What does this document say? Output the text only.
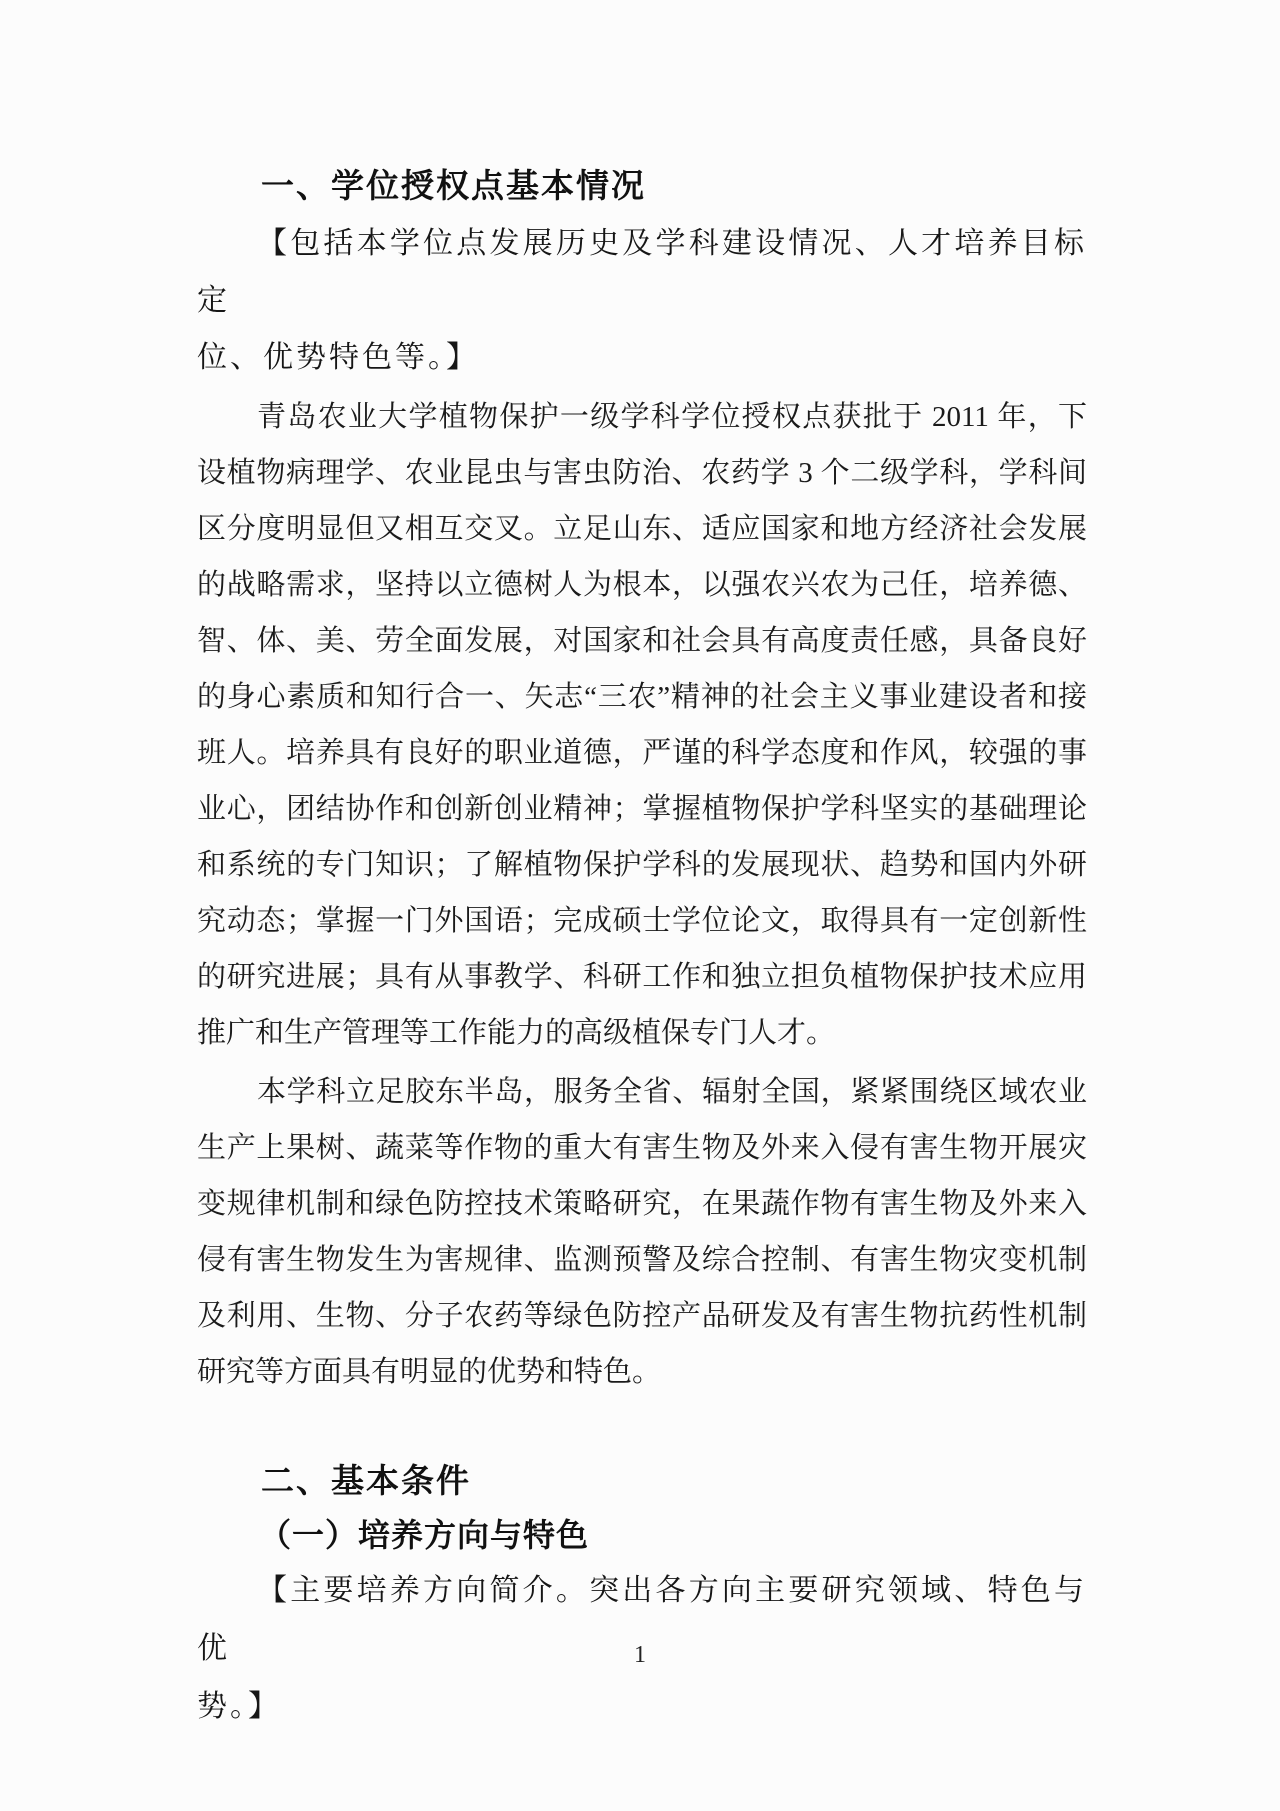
一、学位授权点基本情况
【包括本学位点发展历史及学科建设情况、人才培养目标定
位、优势特色等。】
青岛农业大学植物保护一级学科学位授权点获批于 2011 年，下
设植物病理学、农业昆虫与害虫防治、农药学 3 个二级学科，学科间
区分度明显但又相互交叉。立足山东、适应国家和地方经济社会发展
的战略需求，坚持以立德树人为根本，以强农兴农为己任，培养德、
智、体、美、劳全面发展，对国家和社会具有高度责任感，具备良好
的身心素质和知行合一、矢志“三农”精神的社会主义事业建设者和接
班人。培养具有良好的职业道德，严谨的科学态度和作风，较强的事
业心，团结协作和创新创业精神；掌握植物保护学科坚实的基础理论
和系统的专门知识；了解植物保护学科的发展现状、趋势和国内外研
究动态；掌握一门外国语；完成硕士学位论文，取得具有一定创新性
的研究进展；具有从事教学、科研工作和独立担负植物保护技术应用
推广和生产管理等工作能力的高级植保专门人才。
本学科立足胶东半岛，服务全省、辐射全国，紧紧围绕区域农业
生产上果树、蔬菜等作物的重大有害生物及外来入侵有害生物开展灾
变规律机制和绿色防控技术策略研究，在果蔬作物有害生物及外来入
侵有害生物发生为害规律、监测预警及综合控制、有害生物灾变机制
及利用、生物、分子农药等绿色防控产品研发及有害生物抗药性机制
研究等方面具有明显的优势和特色。
二、基本条件
（一）培养方向与特色
【主要培养方向简介。突出各方向主要研究领域、特色与优
势。】
1
